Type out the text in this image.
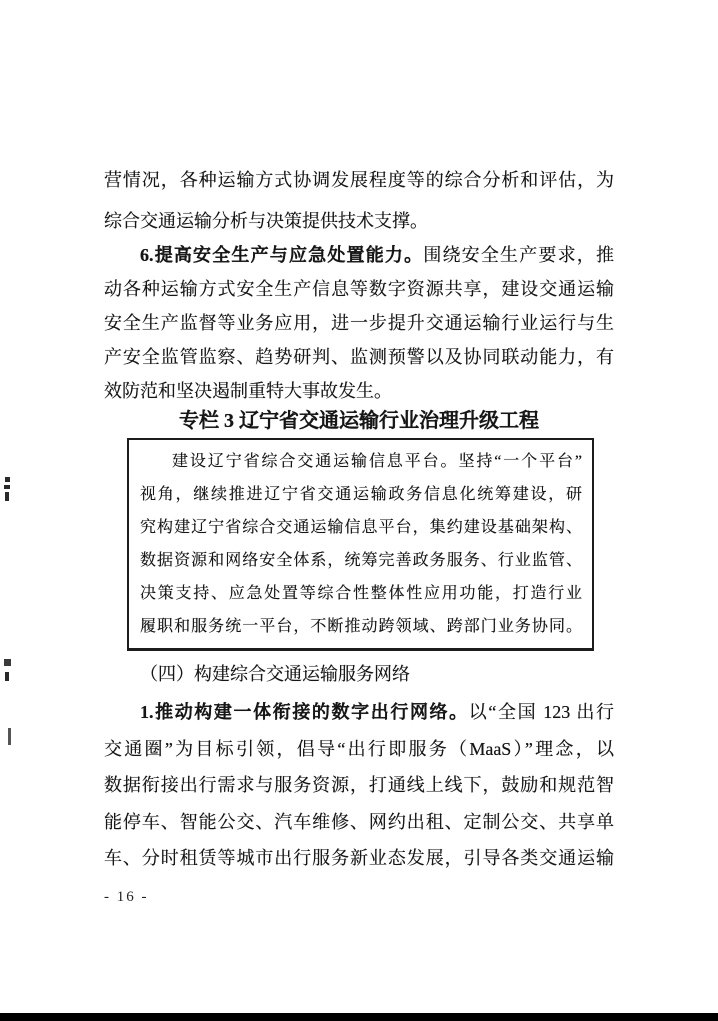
营情况，各种运输方式协调发展程度等的综合分析和评估，为
综合交通运输分析与决策提供技术支撑。
6.提高安全生产与应急处置能力。围绕安全生产要求，推
动各种运输方式安全生产信息等数字资源共享，建设交通运输
安全生产监督等业务应用，进一步提升交通运输行业运行与生
产安全监管监察、趋势研判、监测预警以及协同联动能力，有
效防范和坚决遏制重特大事故发生。
专栏 3 辽宁省交通运输行业治理升级工程
建设辽宁省综合交通运输信息平台。坚持“一个平台”
视角，继续推进辽宁省交通运输政务信息化统筹建设，研
究构建辽宁省综合交通运输信息平台，集约建设基础架构、
数据资源和网络安全体系，统筹完善政务服务、行业监管、
决策支持、应急处置等综合性整体性应用功能，打造行业
履职和服务统一平台，不断推动跨领域、跨部门业务协同。
（四）构建综合交通运输服务网络
1.推动构建一体衔接的数字出行网络。以“全国 123 出行
交通圈”为目标引领，倡导“出行即服务（MaaS）”理念，以
数据衔接出行需求与服务资源，打通线上线下，鼓励和规范智
能停车、智能公交、汽车维修、网约出租、定制公交、共享单
车、分时租赁等城市出行服务新业态发展，引导各类交通运输
- 16 -
